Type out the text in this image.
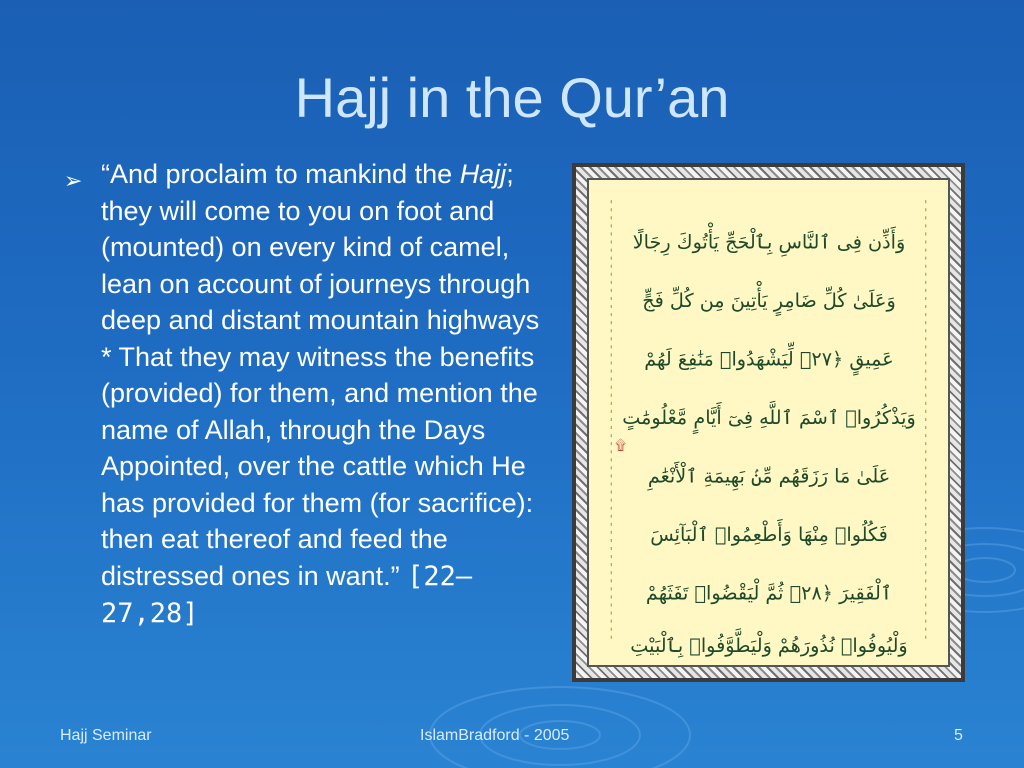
Hajj in the Qur’an
➢ “And proclaim to mankind the Hajj; they will come to you on foot and (mounted) on every kind of camel, lean on account of journeys through deep and distant mountain highways * That they may witness the benefits (provided) for them, and mention the name of Allah, through the Days Appointed, over the cattle which He has provided for them (for sacrifice): then eat thereof and feed the distressed ones in want.” [22–27,28]
وَأَذِّن فِى ٱلنَّاسِ بِٱلْحَجِّ يَأْتُوكَ رِجَالًا
وَعَلَىٰ كُلِّ ضَامِرٍ يَأْتِينَ مِن كُلِّ فَجٍّ
عَمِيقٍ ﴿٢٧﴾ لِّيَشْهَدُوا۟ مَنَٰفِعَ لَهُمْ
وَيَذْكُرُوا۟ ٱسْمَ ٱللَّهِ فِىٓ أَيَّامٍ مَّعْلُومَٰتٍ
عَلَىٰ مَا رَزَقَهُم مِّنۢ بَهِيمَةِ ٱلْأَنْعَٰمِ
فَكُلُوا۟ مِنْهَا وَأَطْعِمُوا۟ ٱلْبَآئِسَ
ٱلْفَقِيرَ ﴿٢٨﴾ ثُمَّ لْيَقْضُوا۟ تَفَثَهُمْ
وَلْيُوفُوا۟ نُذُورَهُمْ وَلْيَطَّوَّفُوا۟ بِٱلْبَيْتِ
۩
Hajj Seminar	IslamBradford - 2005	5
